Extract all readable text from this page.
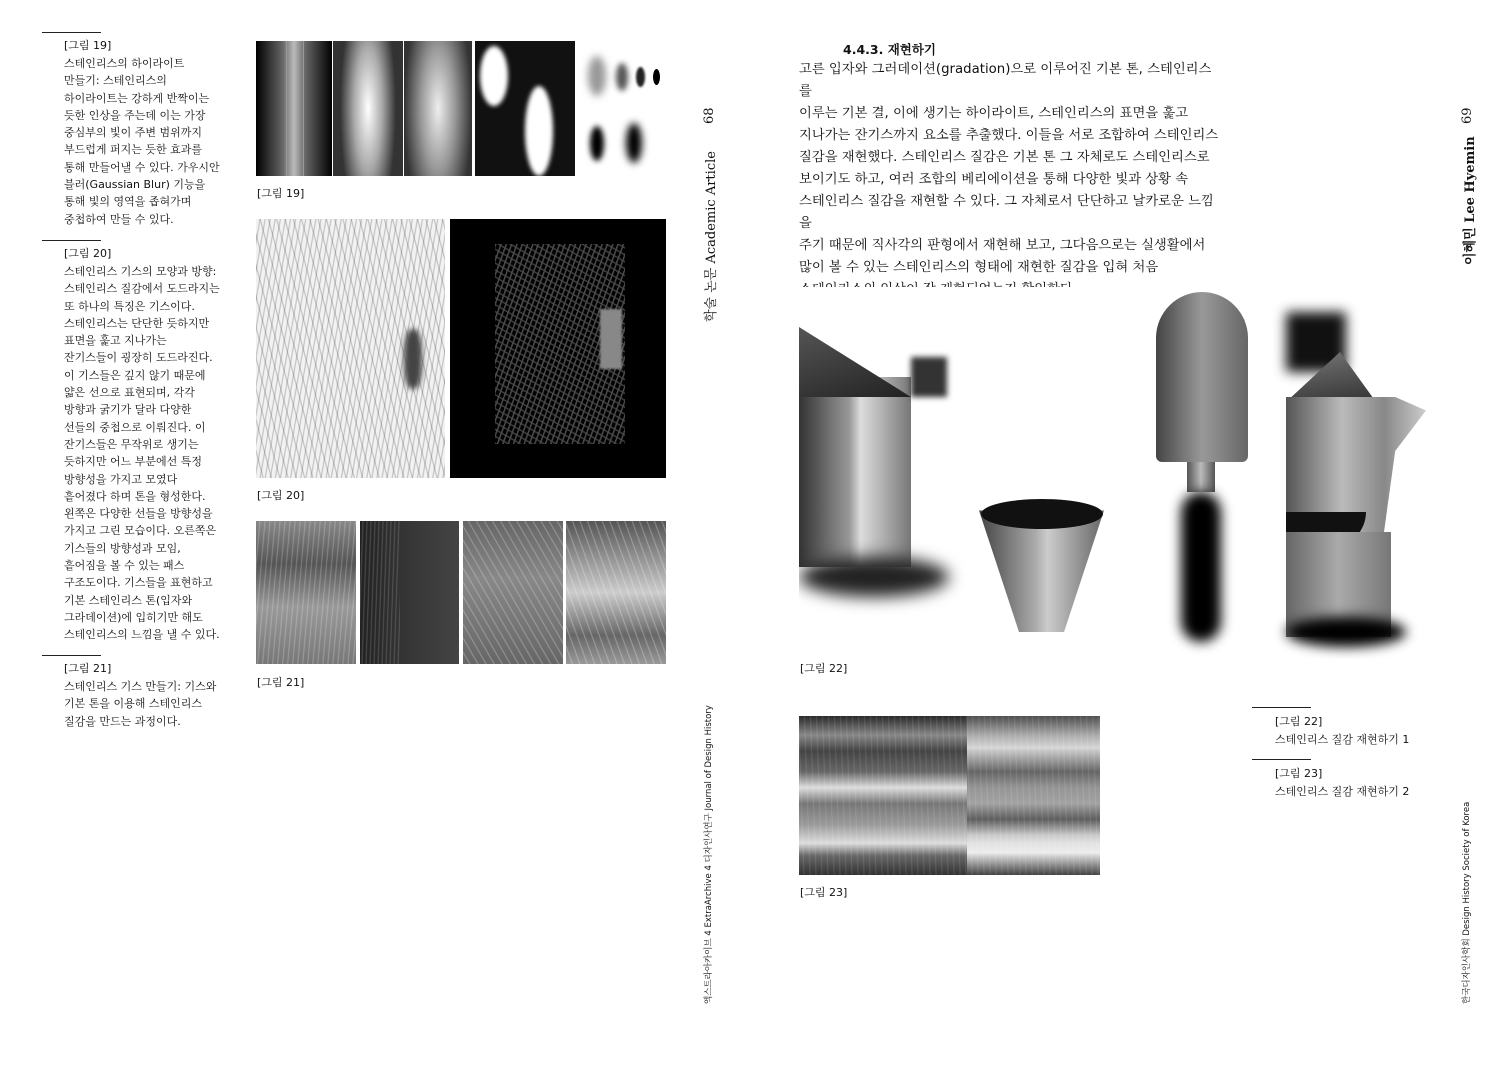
[그림 19]
스테인리스의 하이라이트
만들기: 스테인리스의
하이라이트는 강하게 반짝이는
듯한 인상을 주는데 이는 가장
중심부의 빛이 주변 범위까지
부드럽게 퍼지는 듯한 효과를
통해 만들어낼 수 있다. 가우시안
블러(Gaussian Blur) 기능을
통해 빛의 영역을 좁혀가며
중첩하여 만들 수 있다.
[그림 20]
스테인리스 기스의 모양과 방향:
스테인리스 질감에서 도드라지는
또 하나의 특징은 기스이다.
스테인리스는 단단한 듯하지만
표면을 훑고 지나가는
잔기스들이 굉장히 도드라진다.
이 기스들은 깊지 않기 때문에
얇은 선으로 표현되며, 각각
방향과 굵기가 달라 다양한
선들의 중첩으로 이뤄진다. 이
잔기스들은 무작위로 생기는
듯하지만 어느 부분에선 특정
방향성을 가지고 모였다
흩어졌다 하며 톤을 형성한다.
왼쪽은 다양한 선들을 방향성을
가지고 그린 모습이다. 오른쪽은
기스들의 방향성과 모임,
흩어짐을 볼 수 있는 패스
구조도이다. 기스들을 표현하고
기본 스테인리스 톤(입자와
그라데이션)에 입히기만 해도
스테인리스의 느낌을 낼 수 있다.
[그림 21]
스테인리스 기스 만들기: 기스와
기본 톤을 이용해 스테인리스
질감을 만드는 과정이다.
[그림 19]
[그림 20]
[그림 21]
68
학술 논문 Academic Article
엑스트라아카이브 4 ExtraArchive 4 디자인사연구 Journal of Design History
4.4.3. 재현하기
고른 입자와 그러데이션(gradation)으로 이루어진 기본 톤, 스테인리스를
이루는 기본 결, 이에 생기는 하이라이트, 스테인리스의 표면을 훑고
지나가는 잔기스까지 요소를 추출했다. 이들을 서로 조합하여 스테인리스
질감을 재현했다. 스테인리스 질감은 기본 톤 그 자체로도 스테인리스로
보이기도 하고, 여러 조합의 베리에이션을 통해 다양한 빛과 상황 속
스테인리스 질감을 재현할 수 있다. 그 자체로서 단단하고 날카로운 느낌을
주기 때문에 직사각의 판형에서 재현해 보고, 그다음으로는 실생활에서
많이 볼 수 있는 스테인리스의 형태에 재현한 질감을 입혀 처음

[그림 22]
[그림 23]
[그림 22]
스테인리스 질감 재현하기 1
[그림 23]
스테인리스 질감 재현하기 2
69
이혜민 Lee Hyemin
한국디자인사학회 Design History Society of Korea
